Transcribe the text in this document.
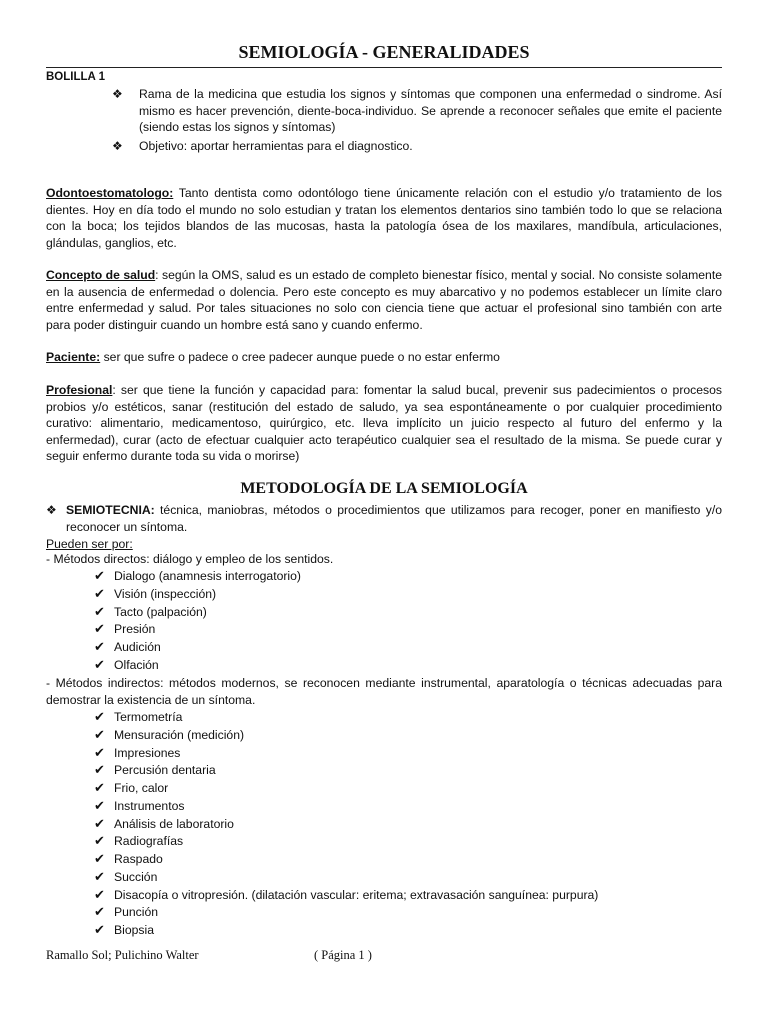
SEMIOLOGÍA - GENERALIDADES
BOLILLA 1
❖ Rama de la medicina que estudia los signos y síntomas que componen una enfermedad o sindrome. Así mismo es hacer prevención, diente-boca-individuo. Se aprende a reconocer señales que emite el paciente (siendo estas los signos y síntomas)
❖ Objetivo: aportar herramientas para el diagnostico.

Odontoestomatologo: Tanto dentista como odontólogo tiene únicamente relación con el estudio y/o tratamiento de los dientes. Hoy en día todo el mundo no solo estudian y tratan los elementos dentarios sino también todo lo que se relaciona con la boca; los tejidos blandos de las mucosas, hasta la patología ósea de los maxilares, mandíbula, articulaciones, glándulas, ganglios, etc.

Concepto de salud: según la OMS, salud es un estado de completo bienestar físico, mental y social. No consiste solamente en la ausencia de enfermedad o dolencia. Pero este concepto es muy abarcativo y no podemos establecer un límite claro entre enfermedad y salud. Por tales situaciones no solo con ciencia tiene que actuar el profesional sino también con arte para poder distinguir cuando un hombre está sano y cuando enfermo.

Paciente: ser que sufre o padece o cree padecer aunque puede o no estar enfermo

Profesional: ser que tiene la función y capacidad para: fomentar la salud bucal, prevenir sus padecimientos o procesos probios y/o estéticos, sanar (restitución del estado de saludo, ya sea espontáneamente o por cualquier procedimiento curativo: alimentario, medicamentoso, quirúrgico, etc. lleva implícito un juicio respecto al futuro del enfermo y la enfermedad), curar (acto de efectuar cualquier acto terapéutico cualquier sea el resultado de la misma. Se puede curar y seguir enfermo durante toda su vida o morirse)

METODOLOGÍA DE LA SEMIOLOGÍA
❖ SEMIOTECNIA: técnica, maniobras, métodos o procedimientos que utilizamos para recoger, poner en manifiesto y/o reconocer un síntoma.
Pueden ser por:
- Métodos directos: diálogo y empleo de los sentidos.
✔ Dialogo (anamnesis interrogatorio)
✔ Visión (inspección)
✔ Tacto (palpación)
✔ Presión
✔ Audición
✔ Olfación
- Métodos indirectos: métodos modernos, se reconocen mediante instrumental, aparatología o técnicas adecuadas para demostrar la existencia de un síntoma.
✔ Termometría
✔ Mensuración (medición)
✔ Impresiones
✔ Percusión dentaria
✔ Frio, calor
✔ Instrumentos
✔ Análisis de laboratorio
✔ Radiografías
✔ Raspado
✔ Succión
✔ Disacopía o vitropresión. (dilatación vascular: eritema; extravasación sanguínea: purpura)
✔ Punción
✔ Biopsia
Ramallo Sol; Pulichino Walter	( Página 1 )
